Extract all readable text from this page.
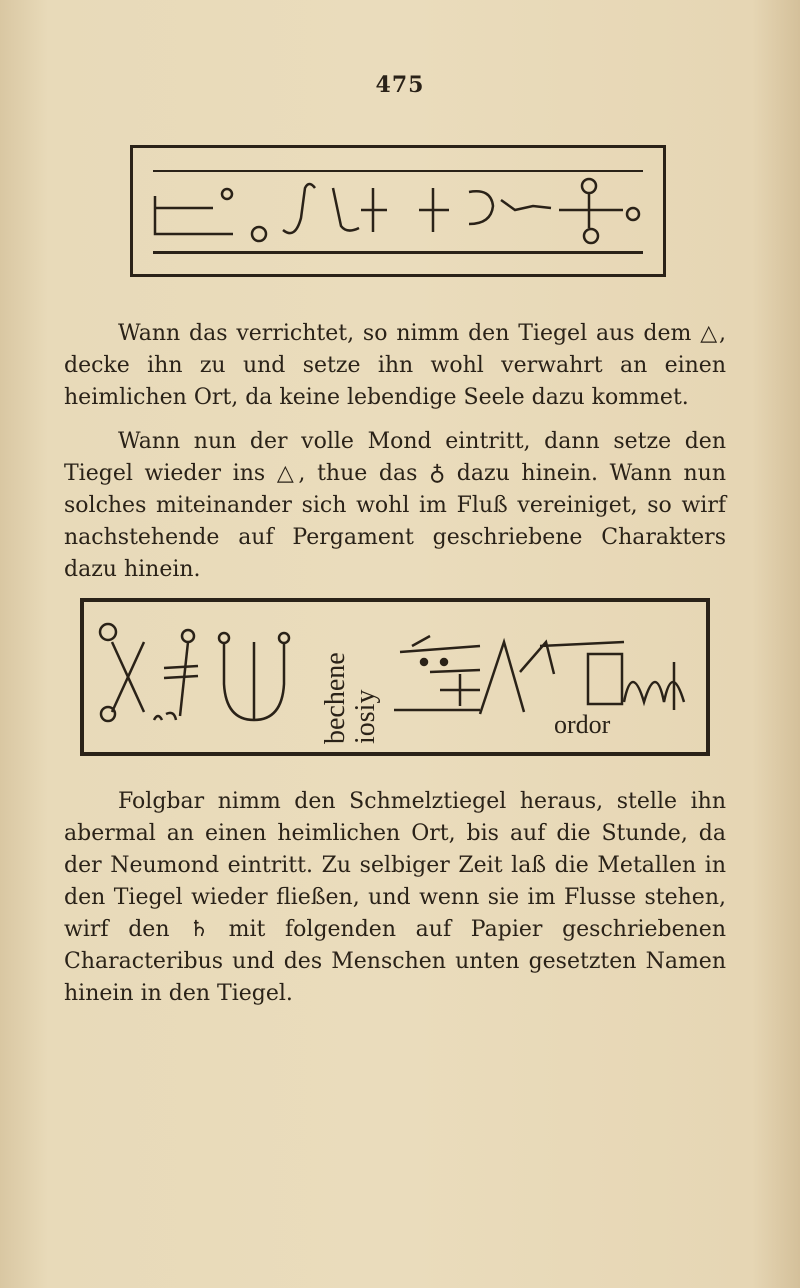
475

Wann das verrichtet, so nimm den Tiegel aus dem △, decke ihn zu und setze ihn wohl verwahrt an einen heimlichen Ort, da keine lebendige Seele dazu kommet.

Wann nun der volle Mond eintritt, dann setze den Tiegel wieder ins △, thue das ♁ dazu hinein. Wann nun solches miteinander sich wohl im Fluß vereiniget, so wirf nachstehende auf Pergament geschriebene Charakters dazu hinein.

bechene iosiy	ordor

Folgbar nimm den Schmelztiegel heraus, stelle ihn abermal an einen heimlichen Ort, bis auf die Stunde, da der Neumond eintritt. Zu selbiger Zeit laß die Metallen in den Tiegel wieder fließen, und wenn sie im Flusse stehen, wirf den ♄ mit folgenden auf Papier geschriebenen Characteribus und des Menschen unten gesetzten Namen hinein in den Tiegel.
